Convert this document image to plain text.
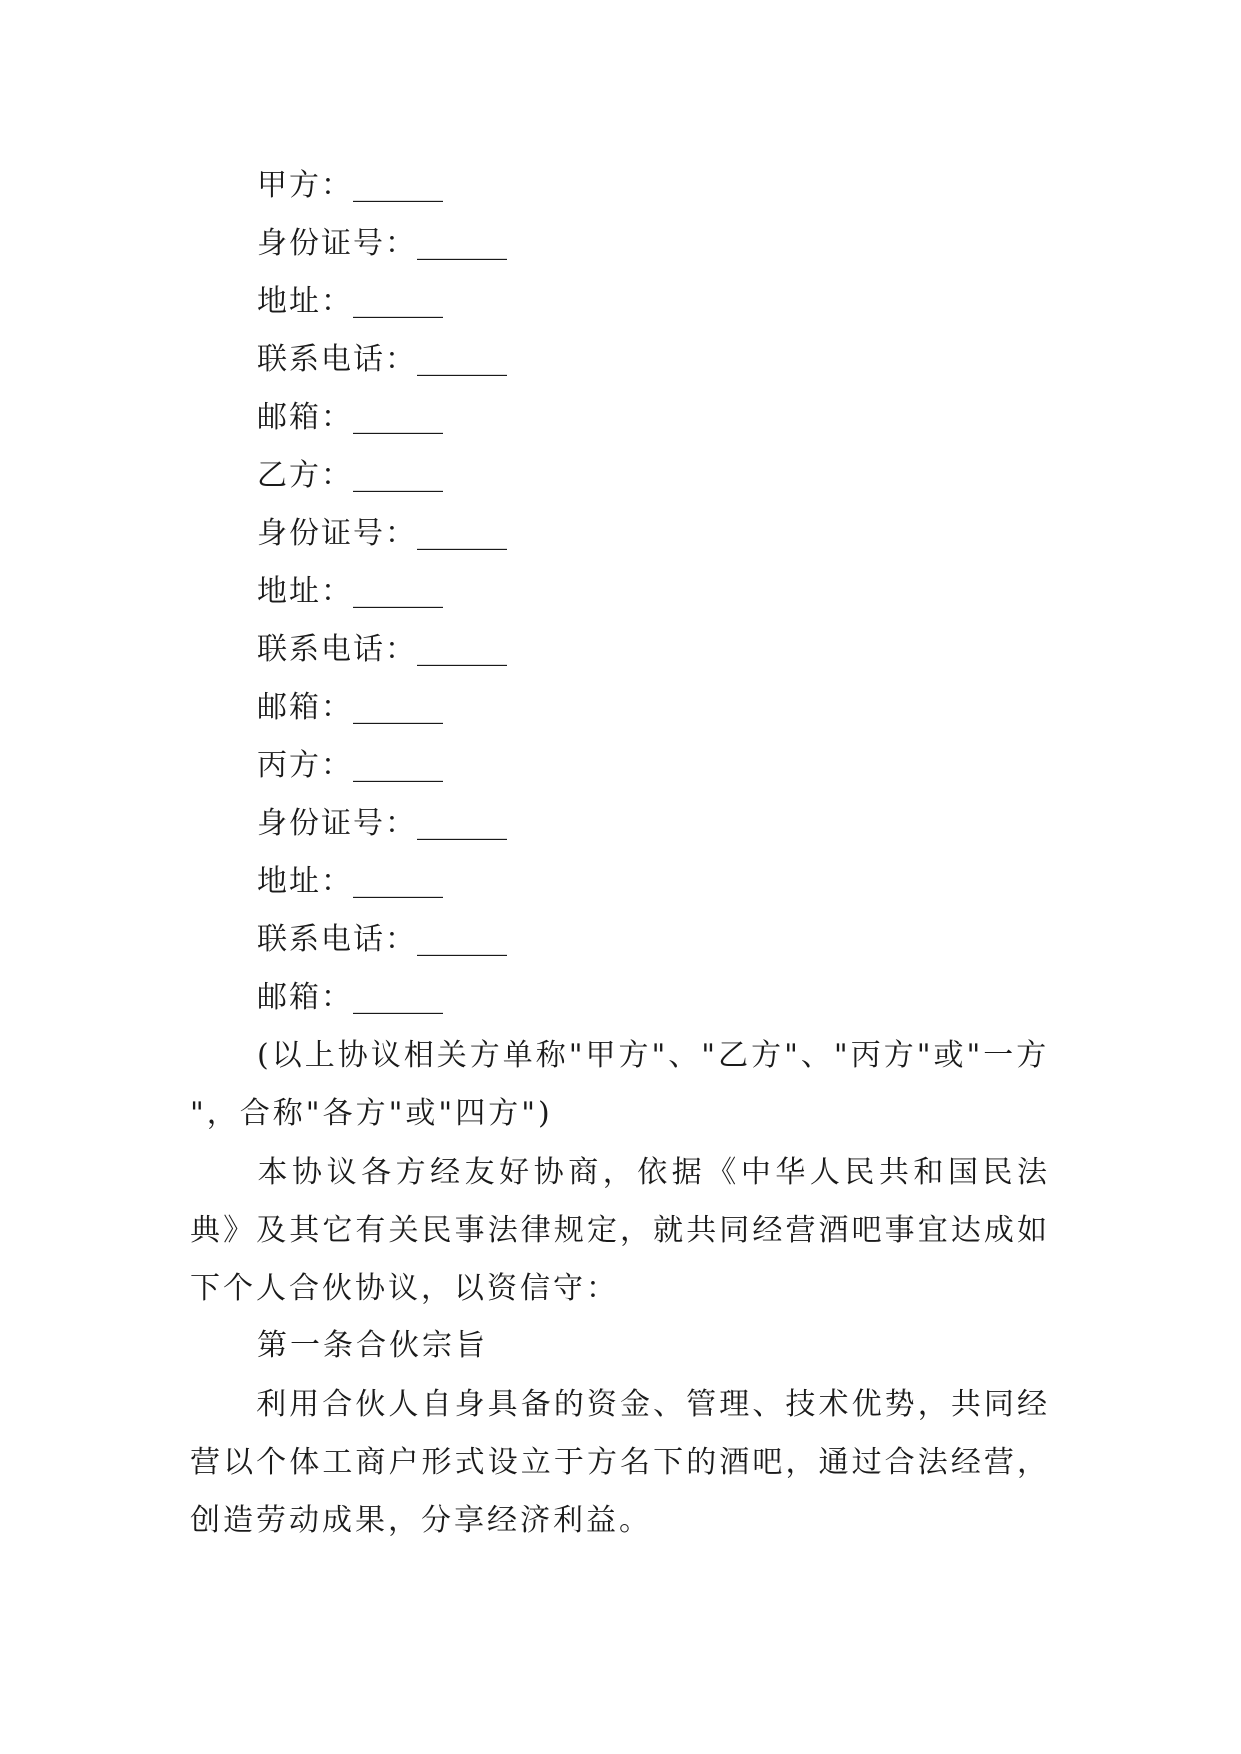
甲方：______
身份证号：______
地址：______
联系电话：______
邮箱：______
乙方：______
身份证号：______
地址：______
联系电话：______
邮箱：______
丙方：______
身份证号：______
地址：______
联系电话：______
邮箱：______
(以上协议相关方单称"甲方"、"乙方"、"丙方"或"一方
"，合称"各方"或"四方")
本协议各方经友好协商，依据《中华人民共和国民法典》及其它有关民事法律规定，就共同经营酒吧事宜达成如下个人合伙协议，以资信守：
第一条合伙宗旨
利用合伙人自身具备的资金、管理、技术优势，共同经营以个体工商户形式设立于方名下的酒吧，通过合法经营，创造劳动成果，分享经济利益。
